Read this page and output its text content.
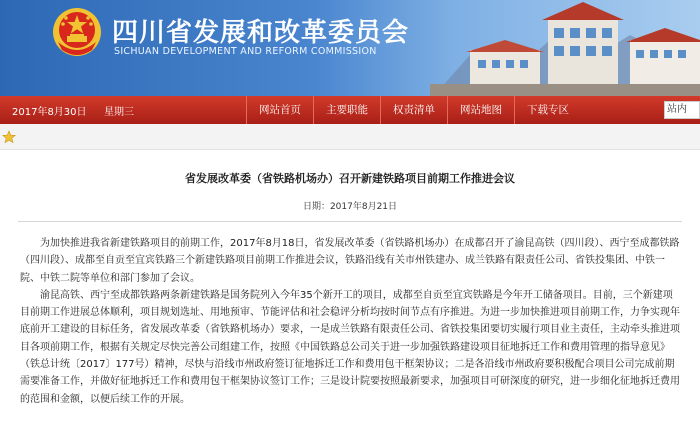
四川省发展和改革委员会
SICHUAN DEVELOPMENT AND REFORM COMMISSION
2017年8月30日 星期三	网站首页	主要职能	权责清单	网站地图	下载专区	站内
省发展改革委（省铁路机场办）召开新建铁路项目前期工作推进会议
日期：2017年8月21日

为加快推进我省新建铁路项目的前期工作，2017年8月18日，省发展改革委（省铁路机场办）在成都召开了渝昆高铁（四川段）、西宁至成都铁路（四川段）、成都至自贡至宜宾铁路三个新建铁路项目前期工作推进会议，铁路沿线有关市州铁建办、成兰铁路有限责任公司、省铁投集团、中铁一院、中铁二院等单位和部门参加了会议。

渝昆高铁、西宁至成都铁路两条新建铁路是国务院列入今年35个新开工的项目，成都至自贡至宜宾铁路是今年开工储备项目。目前，三个新建项目前期工作进展总体顺利，项目规划选址、用地预审、节能评估和社会稳评分析均按时间节点有序推进。为进一步加快推进项目前期工作，力争实现年底前开工建设的目标任务，省发展改革委（省铁路机场办）要求，一是成兰铁路有限责任公司、省铁投集团要切实履行项目业主责任，主动牵头推进项目各项前期工作，根据有关规定尽快完善公司组建工作，按照《中国铁路总公司关于进一步加强铁路建设项目征地拆迁工作和费用管理的指导意见》（铁总计统〔2017〕177号）精神，尽快与沿线市州政府签订征地拆迁工作和费用包干框架协议；二是各沿线市州政府要积极配合项目公司完成前期需要准备工作，并做好征地拆迁工作和费用包干框架协议签订工作；三是设计院要按照最新要求，加强项目可研深度的研究，进一步细化征地拆迁费用的范围和金额，以便后续工作的开展。
